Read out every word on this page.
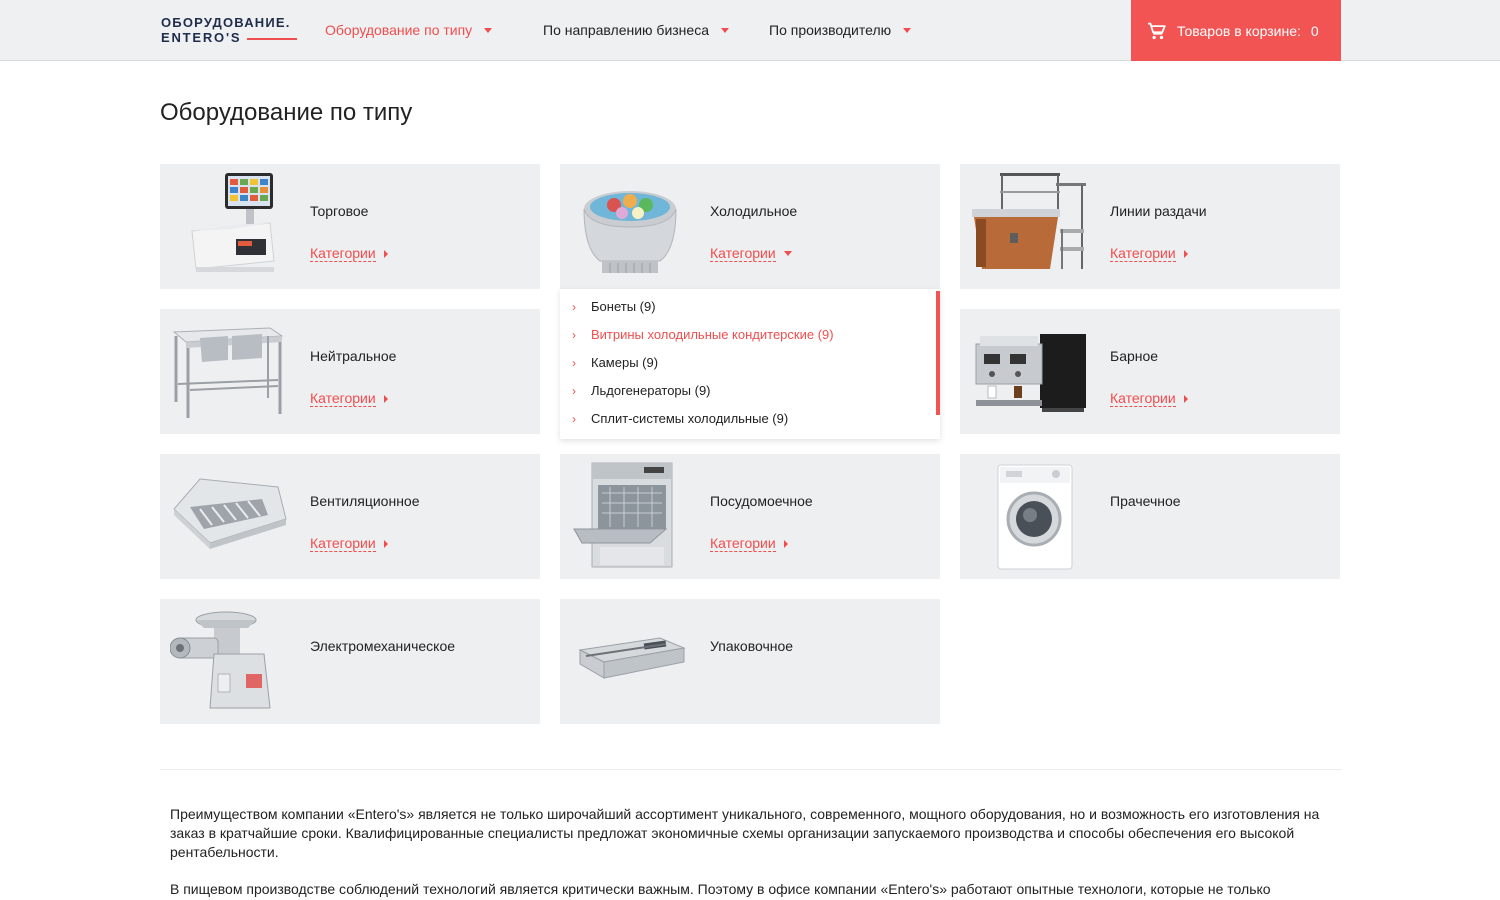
ОБОРУДОВАНИЕ.
ENTERO'S	Оборудование по типу	По направлению бизнеса	По производителю	Товаров в корзине: 0
Оборудование по типу
Торговое
Категории
Холодильное
Категории
Линии раздачи
Категории
Нейтральное
Категории
Барное
Категории
Вентиляционное
Категории
Посудомоечное
Категории
Прачечное
Электромеханическое	Упаковочное
›	Бонеты (9)
›	Витрины холодильные кондитерские (9)
›	Камеры (9)
›	Льдогенераторы (9)
›	Сплит-системы холодильные (9)

Преимуществом компании «Entero's» является не только широчайший ассортимент уникального, современного, мощного оборудования, но и возможность его изготовления на заказ в кратчайшие сроки. Квалифицированные специалисты предложат экономичные схемы организации запускаемого производства и способы обеспечения его высокой рентабельности.

В пищевом производстве соблюдений технологий является критически важным. Поэтому в офисе компании «Entero's» работают опытные технологи, которые не только
